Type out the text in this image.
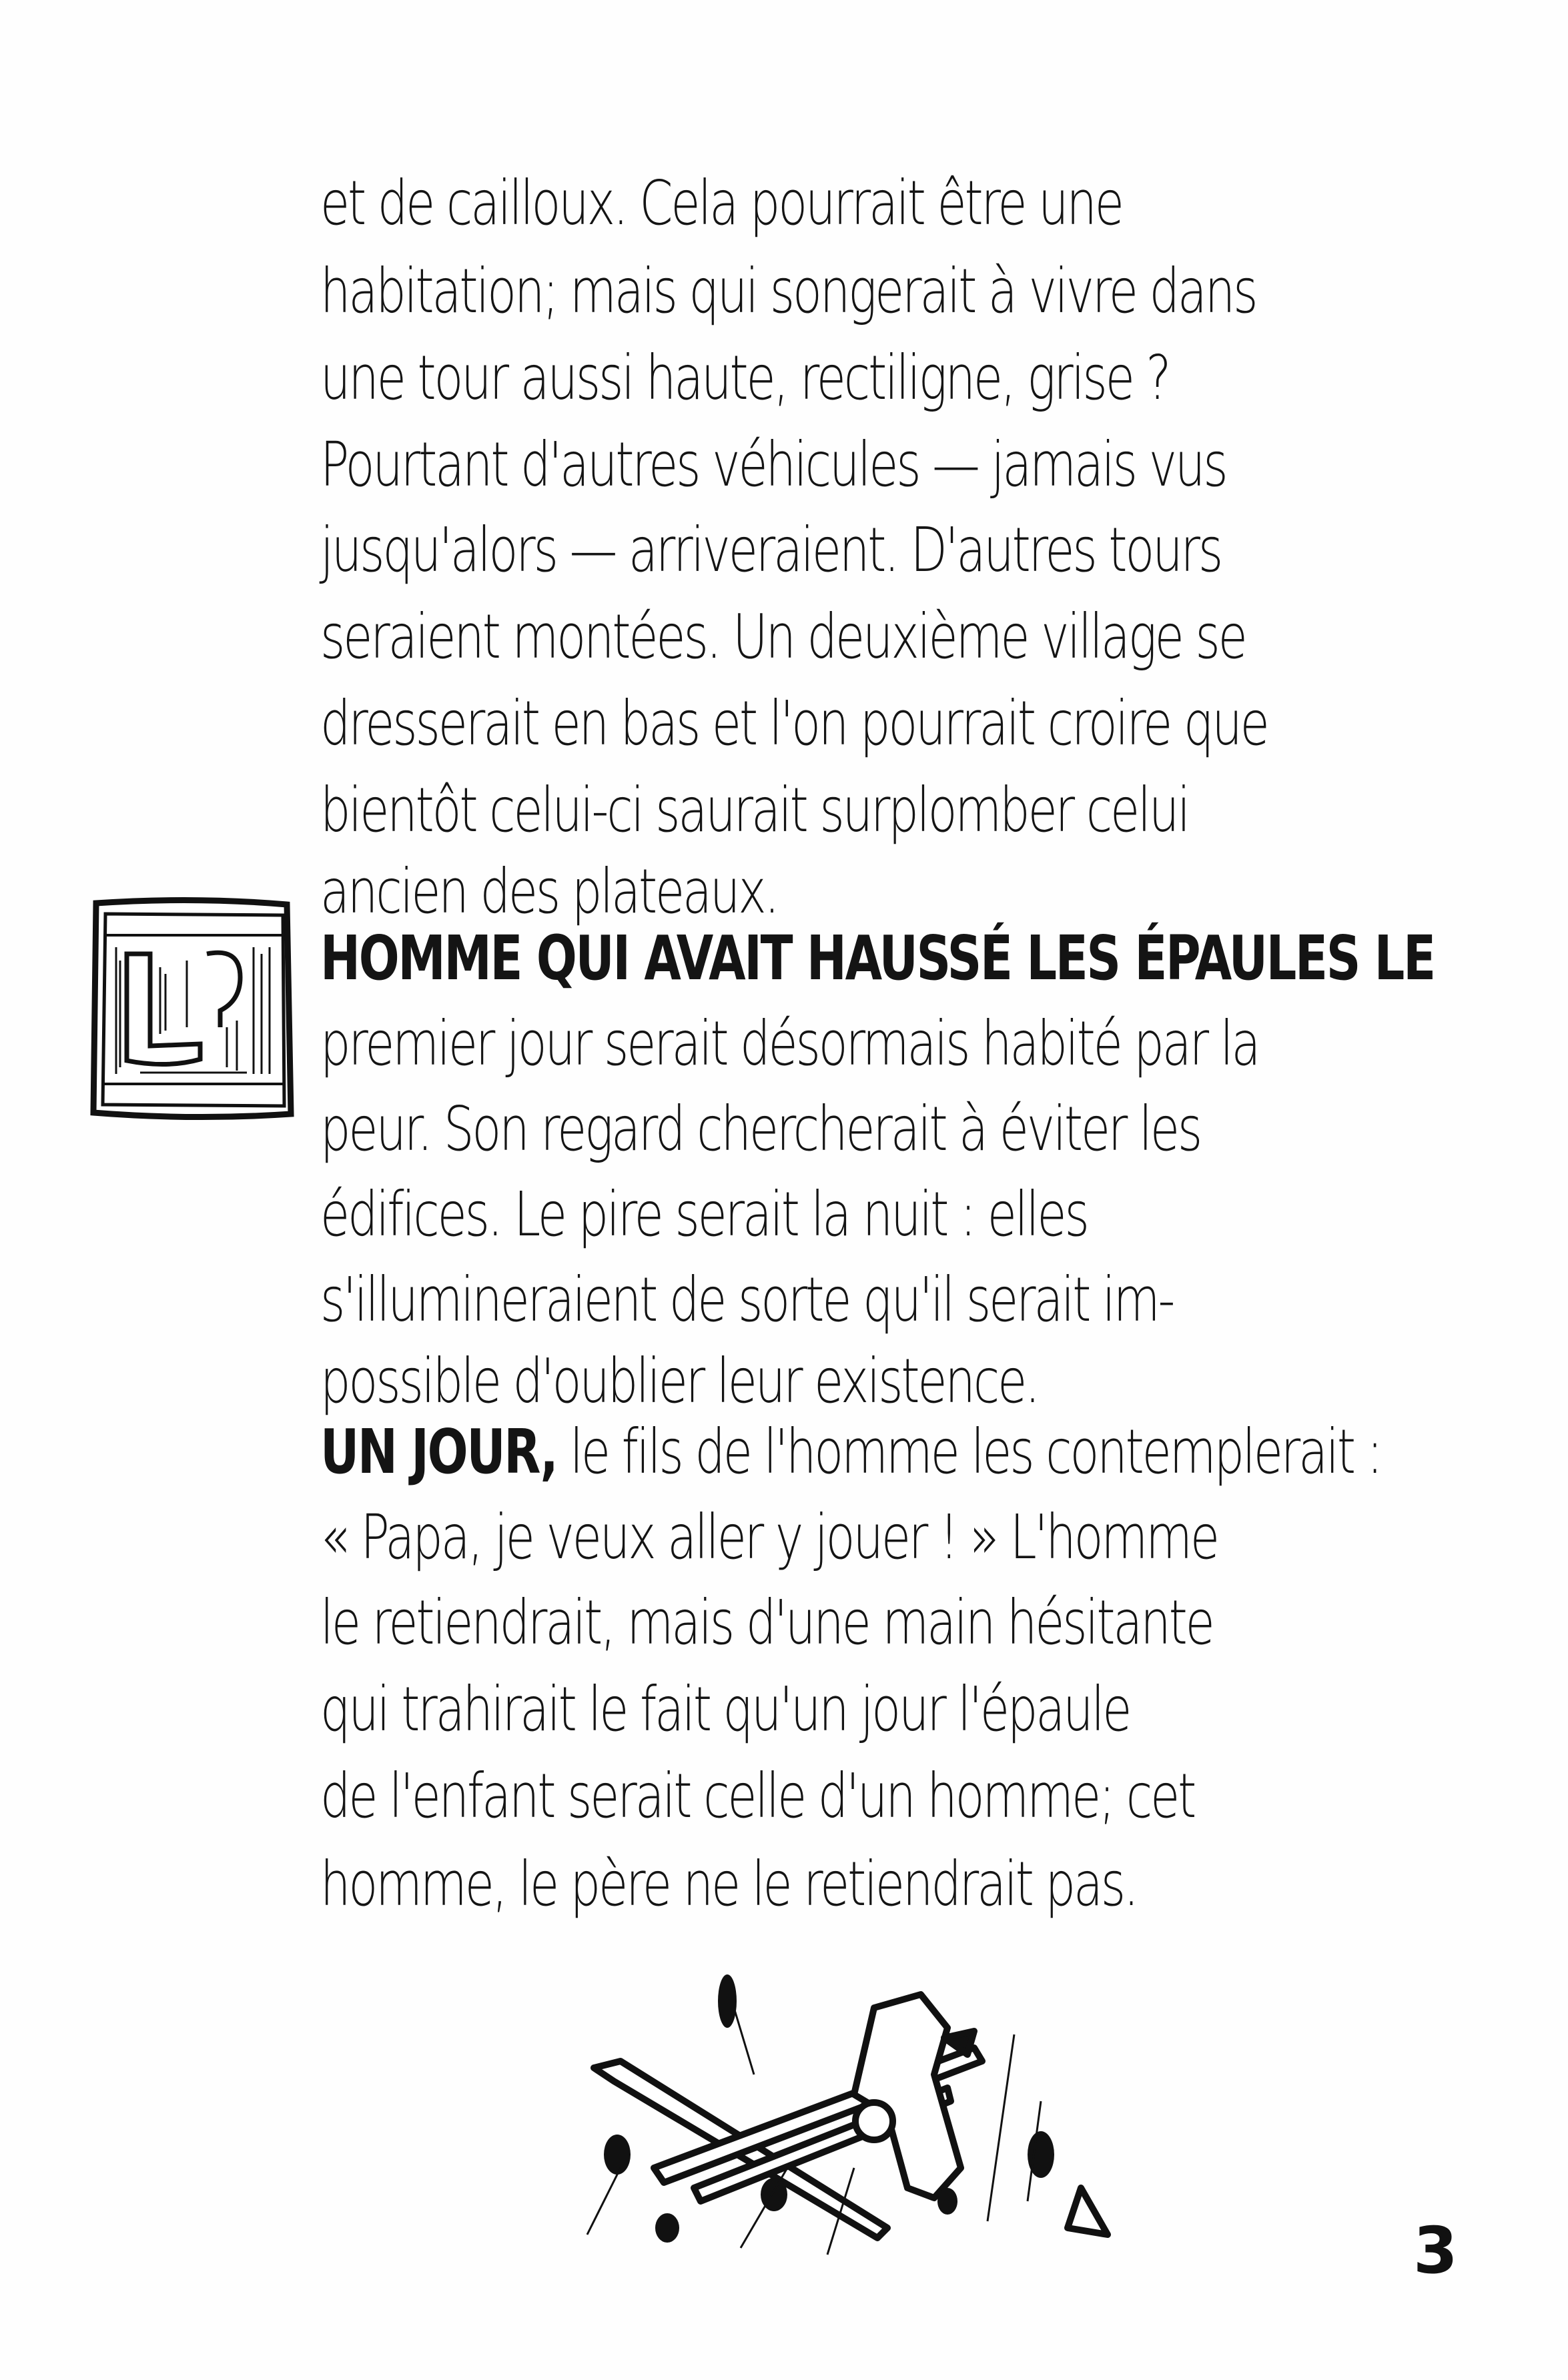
et de cailloux. Cela pourrait être une
habitation; mais qui songerait à vivre dans
une tour aussi haute, rectiligne, grise ?
Pourtant d'autres véhicules — jamais vus
jusqu'alors — arriveraient. D'autres tours
seraient montées. Un deuxième village se
dresserait en bas et l'on pourrait croire que
bientôt celui-ci saurait surplomber celui
ancien des plateaux.
HOMME QUI AVAIT HAUSSÉ LES ÉPAULES LE
premier jour serait désormais habité par la
peur. Son regard chercherait à éviter les
édifices. Le pire serait la nuit : elles
s'illumineraient de sorte qu'il serait im-
possible d'oublier leur existence.
UN JOUR, le fils de l'homme les contemplerait :
« Papa, je veux aller y jouer ! » L'homme
le retiendrait, mais d'une main hésitante
qui trahirait le fait qu'un jour l'épaule
de l'enfant serait celle d'un homme; cet
homme, le père ne le retiendrait pas.
3
